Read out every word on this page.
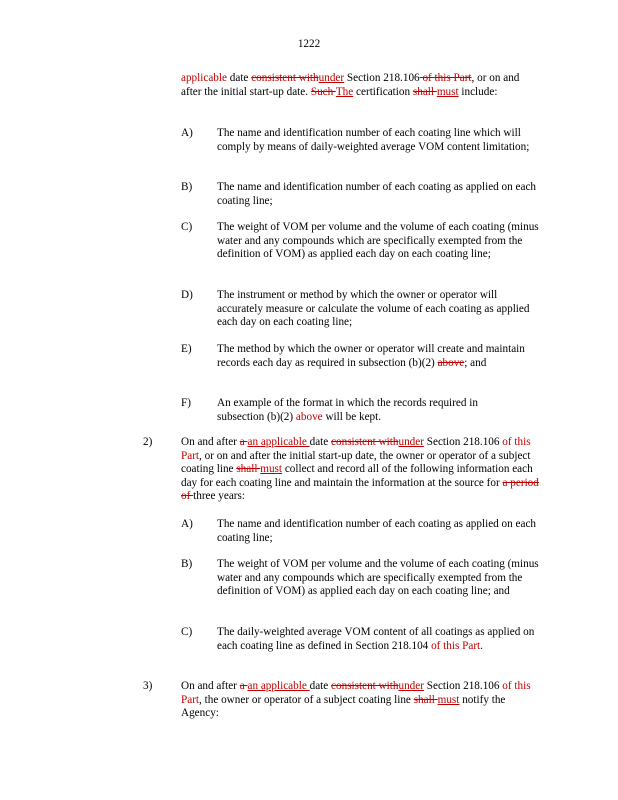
1222
applicable date consistent withunder Section 218.106 of this Part, or on and after the initial start-up date. Such The certification shall must include:
A) The name and identification number of each coating line which will comply by means of daily-weighted average VOM content limitation;
B) The name and identification number of each coating as applied on each coating line;
C) The weight of VOM per volume and the volume of each coating (minus water and any compounds which are specifically exempted from the definition of VOM) as applied each day on each coating line;
D) The instrument or method by which the owner or operator will accurately measure or calculate the volume of each coating as applied each day on each coating line;
E) The method by which the owner or operator will create and maintain records each day as required in subsection (b)(2) above; and
F) An example of the format in which the records required in subsection (b)(2) above will be kept.
2)	On and after a an applicable date consistent withunder Section 218.106 of this Part, or on and after the initial start-up date, the owner or operator of a subject coating line shall must collect and record all of the following information each day for each coating line and maintain the information at the source for a period of three years:
A) The name and identification number of each coating as applied on each coating line;
B) The weight of VOM per volume and the volume of each coating (minus water and any compounds which are specifically exempted from the definition of VOM) as applied each day on each coating line; and
C) The daily-weighted average VOM content of all coatings as applied on each coating line as defined in Section 218.104 of this Part.
3)	On and after a an applicable date consistent withunder Section 218.106 of this Part, the owner or operator of a subject coating line shall must notify the Agency:
